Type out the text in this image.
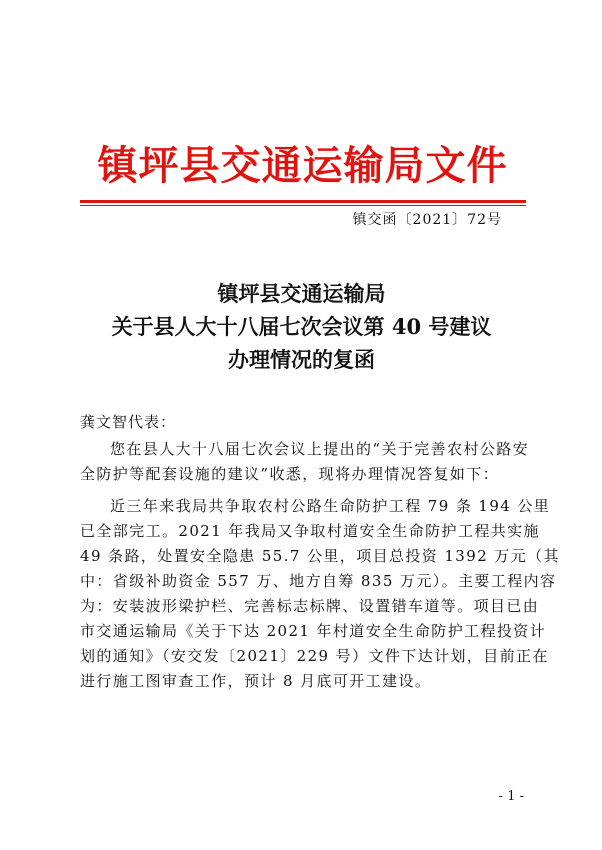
镇坪县交通运输局文件
镇交函〔2021〕72号
镇坪县交通运输局
关于县人大十八届七次会议第 40 号建议
办理情况的复函
龚文智代表：
您在县人大十八届七次会议上提出的“关于完善农村公路安
全防护等配套设施的建议”收悉，现将办理情况答复如下：
近三年来我局共争取农村公路生命防护工程 79 条 194 公里
已全部完工。2021 年我局又争取村道安全生命防护工程共实施
49 条路，处置安全隐患 55.7 公里，项目总投资 1392 万元（其
中：省级补助资金 557 万、地方自筹 835 万元）。主要工程内容
为：安装波形梁护栏、完善标志标牌、设置错车道等。项目已由
市交通运输局《关于下达 2021 年村道安全生命防护工程投资计
划的通知》（安交发〔2021〕229 号）文件下达计划，目前正在
进行施工图审查工作，预计 8 月底可开工建设。
- 1 -
